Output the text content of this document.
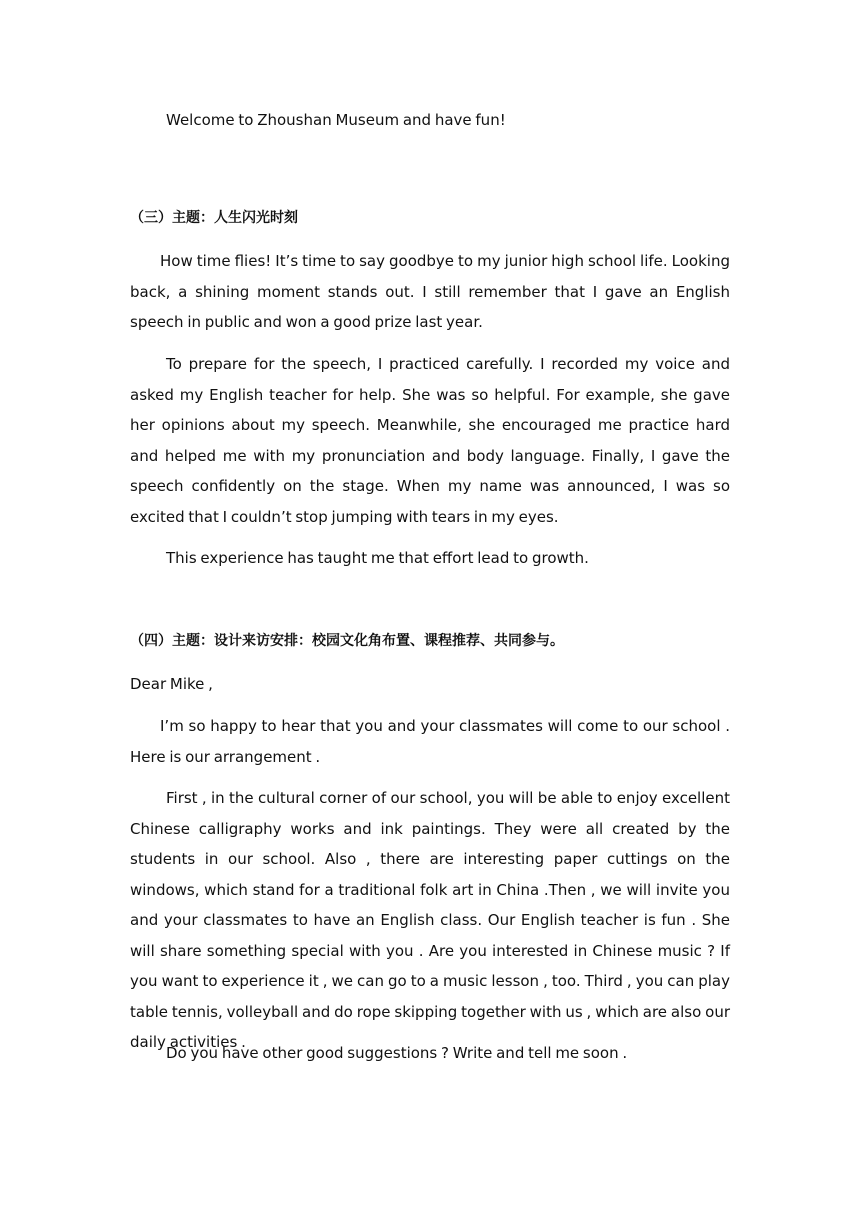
Welcome to Zhoushan Museum and have fun!

（三）主题：人生闪光时刻

How time flies! It’s time to say goodbye to my junior high school life. Looking back, a shining moment stands out. I still remember that I gave an English speech in public and won a good prize last year.

To prepare for the speech, I practiced carefully. I recorded my voice and asked my English teacher for help. She was so helpful. For example, she gave her opinions about my speech. Meanwhile, she encouraged me practice hard and helped me with my pronunciation and body language. Finally, I gave the speech confidently on the stage. When my name was announced, I was so excited that I couldn’t stop jumping with tears in my eyes.

This experience has taught me that effort lead to growth.

（四）主题：设计来访安排：校园文化角布置、课程推荐、共同参与。

Dear Mike ,

I’m so happy to hear that you and your classmates will come to our school . Here is our arrangement .

First , in the cultural corner of our school, you will be able to enjoy excellent Chinese calligraphy works and ink paintings. They were all created by the students in our school. Also , there are interesting paper cuttings on the windows, which stand for a traditional folk art in China .Then , we will invite you and your classmates to have an English class. Our English teacher is fun . She will share something special with you . Are you interested in Chinese music ? If you want to experience it , we can go to a music lesson , too. Third , you can play table tennis, volleyball and do rope skipping together with us , which are also our daily activities .

Do you have other good suggestions ? Write and tell me soon .
